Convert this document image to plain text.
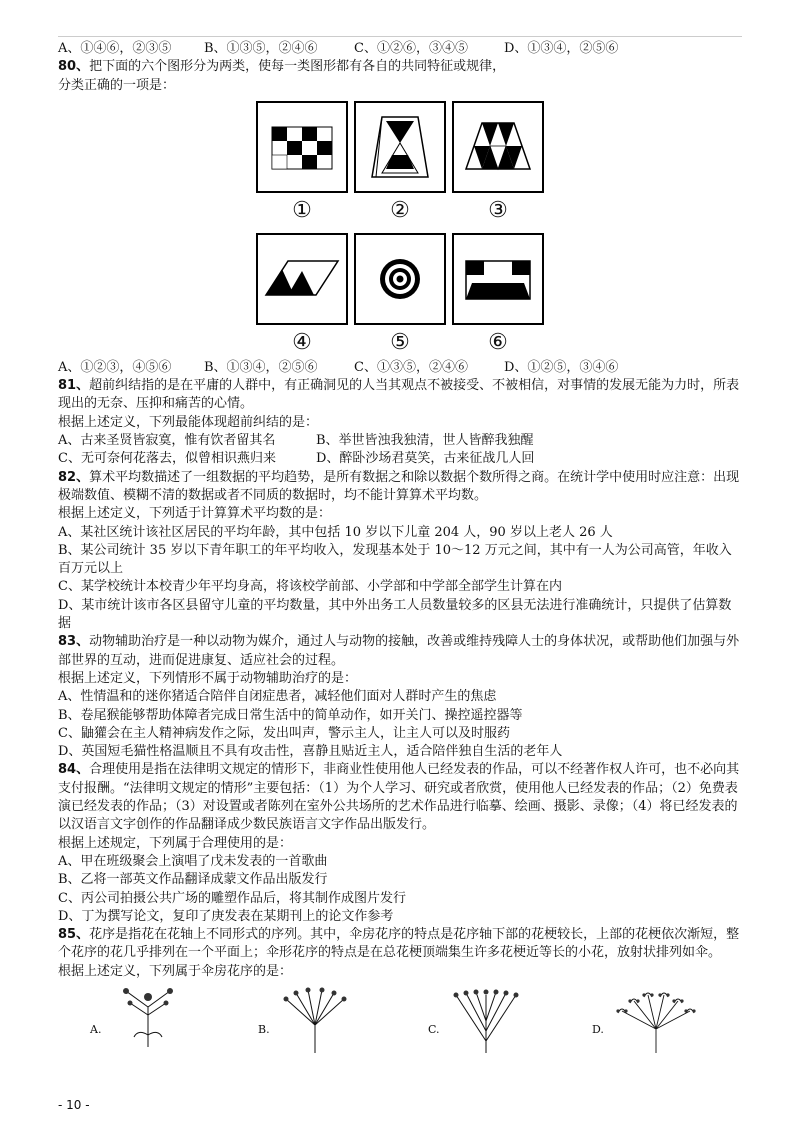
A、①④⑥，②③⑤	B、①③⑤，②④⑥	C、①②⑥，③④⑤	D、①③④，②⑤⑥
80、把下面的六个图形分为两类，使每一类图形都有各自的共同特征或规律，
分类正确的一项是：
①	②	③
④	⑤	⑥
A、①②③，④⑤⑥	B、①③④，②⑤⑥	C、①③⑤，②④⑥	D、①②⑤，③④⑥
81、超前纠结指的是在平庸的人群中，有正确洞见的人当其观点不被接受、不被相信，对事情的发展无能为力时，所表现出的无奈、压抑和痛苦的心情。
根据上述定义，下列最能体现超前纠结的是：
A、古来圣贤皆寂寞，惟有饮者留其名	B、举世皆浊我独清，世人皆醉我独醒
C、无可奈何花落去，似曾相识燕归来	D、醉卧沙场君莫笑，古来征战几人回
82、算术平均数描述了一组数据的平均趋势，是所有数据之和除以数据个数所得之商。在统计学中使用时应注意：出现极端数值、模糊不清的数据或者不同质的数据时，均不能计算算术平均数。
根据上述定义，下列适于计算算术平均数的是：
A、某社区统计该社区居民的平均年龄，其中包括 10 岁以下儿童 204 人，90 岁以上老人 26 人
B、某公司统计 35 岁以下青年职工的年平均收入，发现基本处于 10～12 万元之间，其中有一人为公司高管，年收入百万元以上
C、某学校统计本校青少年平均身高，将该校学前部、小学部和中学部全部学生计算在内
D、某市统计该市各区县留守儿童的平均数量，其中外出务工人员数量较多的区县无法进行准确统计，只提供了估算数据
83、动物辅助治疗是一种以动物为媒介，通过人与动物的接触，改善或维持残障人士的身体状况，或帮助他们加强与外部世界的互动，进而促进康复、适应社会的过程。
根据上述定义，下列情形不属于动物辅助治疗的是：
A、性情温和的迷你猪适合陪伴自闭症患者，减轻他们面对人群时产生的焦虑
B、卷尾猴能够帮助体障者完成日常生活中的简单动作，如开关门、操控遥控器等
C、鼬獾会在主人精神病发作之际，发出叫声，警示主人，让主人可以及时服药
D、英国短毛猫性格温顺且不具有攻击性，喜静且贴近主人，适合陪伴独自生活的老年人
84、合理使用是指在法律明文规定的情形下，非商业性使用他人已经发表的作品，可以不经著作权人许可，也不必向其支付报酬。“法律明文规定的情形”主要包括：（1）为个人学习、研究或者欣赏，使用他人已经发表的作品；（2）免费表演已经发表的作品；（3）对设置或者陈列在室外公共场所的艺术作品进行临摹、绘画、摄影、录像；（4）将已经发表的以汉语言文字创作的作品翻译成少数民族语言文字作品出版发行。
根据上述规定，下列属于合理使用的是：
A、甲在班级聚会上演唱了戊未发表的一首歌曲
B、乙将一部英文作品翻译成蒙文作品出版发行
C、丙公司拍摄公共广场的雕塑作品后，将其制作成图片发行
D、丁为撰写论文，复印了庚发表在某期刊上的论文作参考
85、花序是指花在花轴上不同形式的序列。其中，伞房花序的特点是花序轴下部的花梗较长，上部的花梗依次渐短，整个花序的花几乎排列在一个平面上；伞形花序的特点是在总花梗顶端集生许多花梗近等长的小花，放射状排列如伞。
根据上述定义，下列属于伞房花序的是：
A.	B.	C.	D.
- 10 -
